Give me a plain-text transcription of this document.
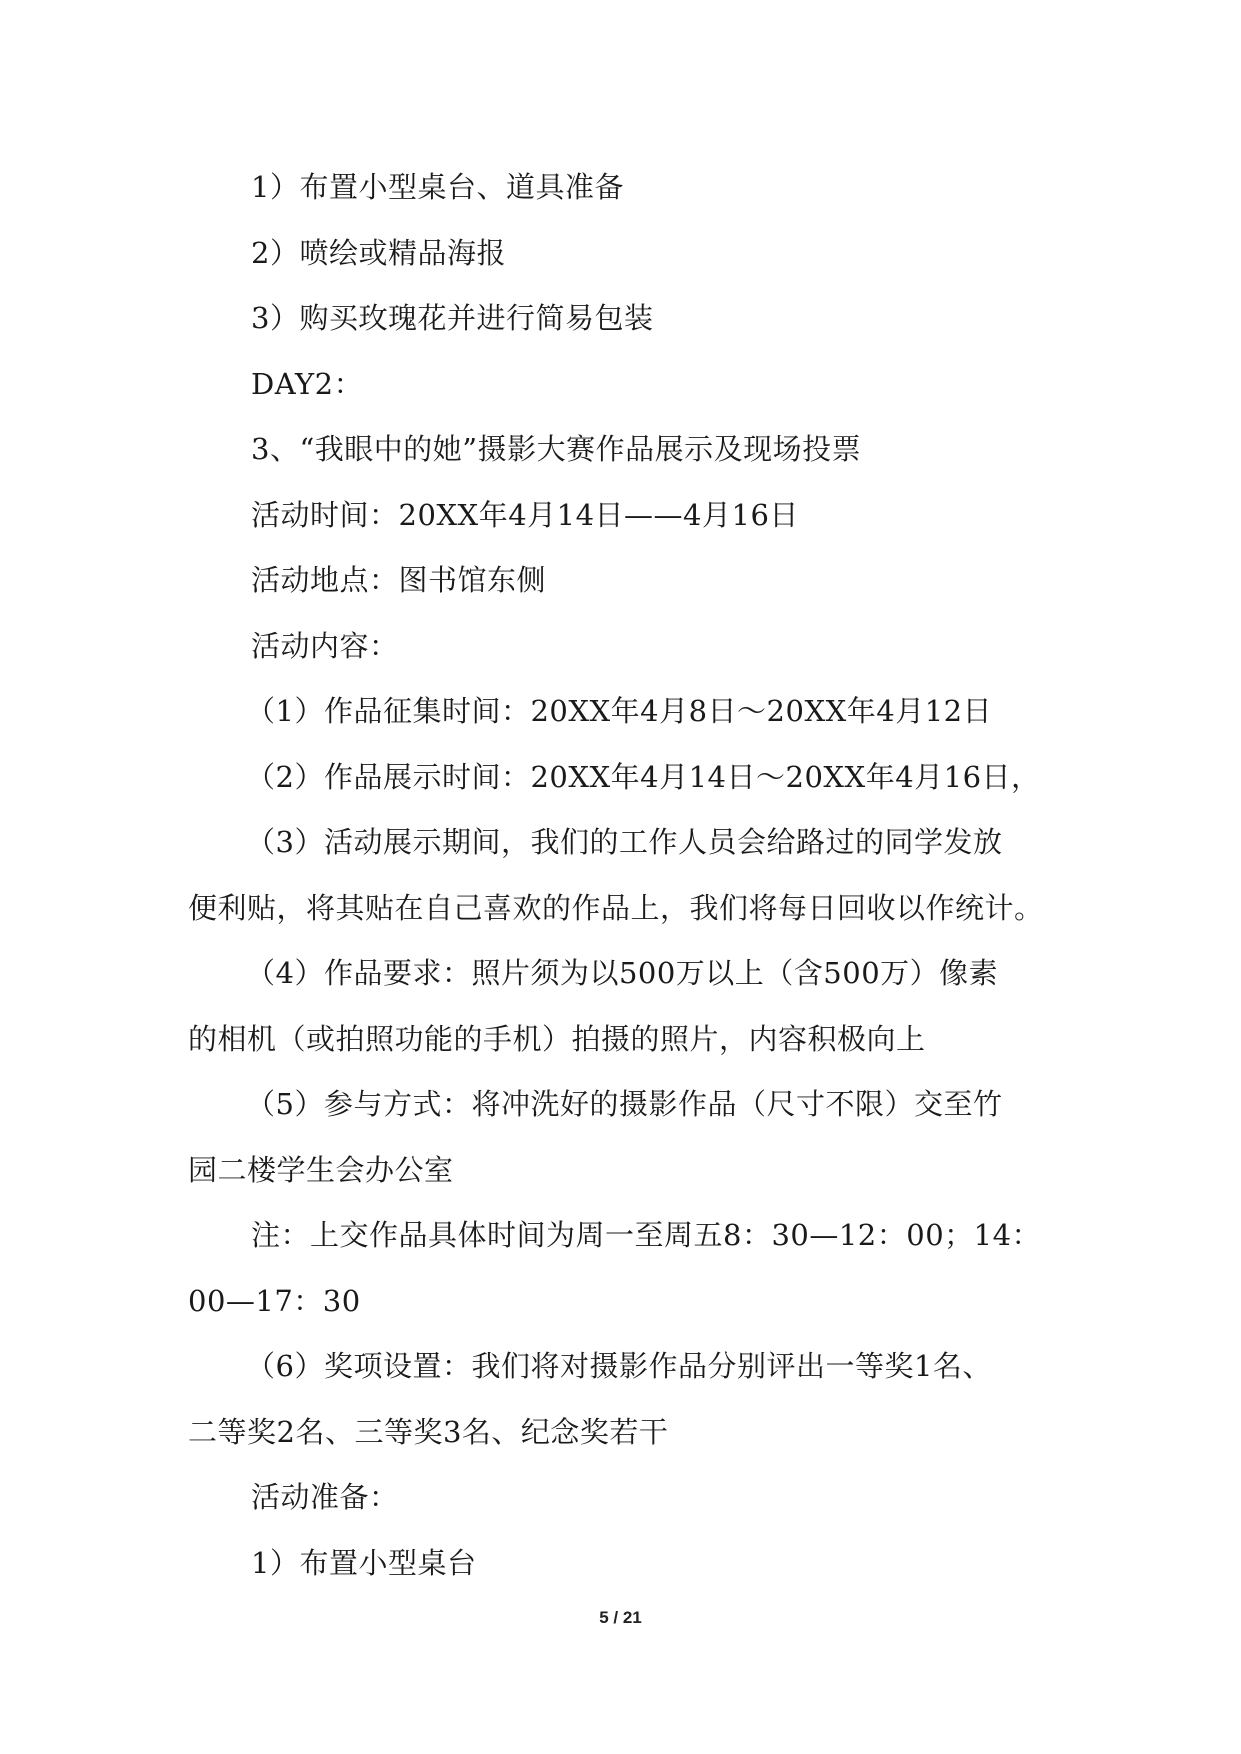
1）布置小型桌台、道具准备
2）喷绘或精品海报
3）购买玫瑰花并进行简易包装
DAY2：
3、“我眼中的她”摄影大赛作品展示及现场投票
活动时间：20XX年4月14日——4月16日
活动地点：图书馆东侧
活动内容：
（1）作品征集时间：20XX年4月8日～20XX年4月12日
（2）作品展示时间：20XX年4月14日～20XX年4月16日，
（3）活动展示期间，我们的工作人员会给路过的同学发放
便利贴，将其贴在自己喜欢的作品上，我们将每日回收以作统计。
（4）作品要求：照片须为以500万以上（含500万）像素
的相机（或拍照功能的手机）拍摄的照片，内容积极向上
（5）参与方式：将冲洗好的摄影作品（尺寸不限）交至竹
园二楼学生会办公室
注：上交作品具体时间为周一至周五8：30—12：00；14：
00—17：30
（6）奖项设置：我们将对摄影作品分别评出一等奖1名、
二等奖2名、三等奖3名、纪念奖若干
活动准备：
1）布置小型桌台
5 / 21
